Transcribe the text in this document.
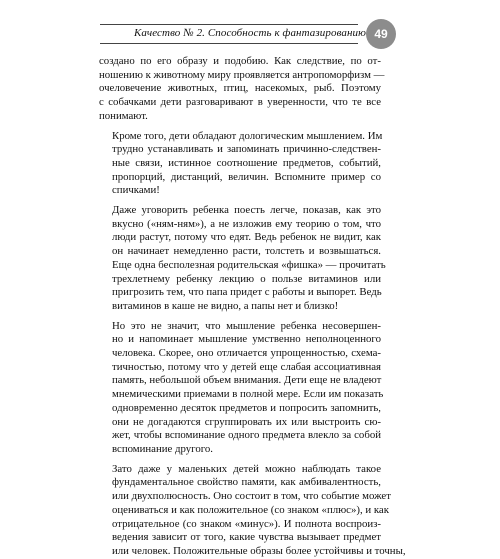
Качество № 2. Способность к фантазированию 49

создано по его образу и подобию. Как следствие, по от-
ношению к животному миру проявляется антропоморфизм —
очеловечение животных, птиц, насекомых, рыб. Поэтому
с собачками дети разговаривают в уверенности, что те все
понимают.

Кроме того, дети обладают дологическим мышлением. Им
трудно устанавливать и запоминать причинно-следствен-
ные связи, истинное соотношение предметов, событий,
пропорций, дистанций, величин. Вспомните пример со
спичками!

Даже уговорить ребенка поесть легче, показав, как это
вкусно («ням-ням»), а не изложив ему теорию о том, что
люди растут, потому что едят. Ведь ребенок не видит, как
он начинает немедленно расти, толстеть и возвышаться.
Еще одна бесполезная родительская «фишка» — прочитать
трехлетнему ребенку лекцию о пользе витаминов или
пригрозить тем, что папа придет с работы и выпорет. Ведь
витаминов в каше не видно, а папы нет и близко!

Но это не значит, что мышление ребенка несовершен-
но и напоминает мышление умственно неполноценного
человека. Скорее, оно отличается упрощенностью, схема-
тичностью, потому что у детей еще слабая ассоциативная
память, небольшой объем внимания. Дети еще не владеют
мнемическими приемами в полной мере. Если им показать
одновременно десяток предметов и попросить запомнить,
они не догадаются сгруппировать их или выстроить сю-
жет, чтобы вспоминание одного предмета влекло за собой
вспоминание другого.

Зато даже у маленьких детей можно наблюдать такое
фундаментальное свойство памяти, как амбивалентность,
или двухполюсность. Оно состоит в том, что событие может
оцениваться и как положительное (со знаком «плюс»), и как
отрицательное (со знаком «минус»). И полнота воспроиз-
ведения зависит от того, какие чувства вызывает предмет
или человек. Положительные образы более устойчивы и точны,
